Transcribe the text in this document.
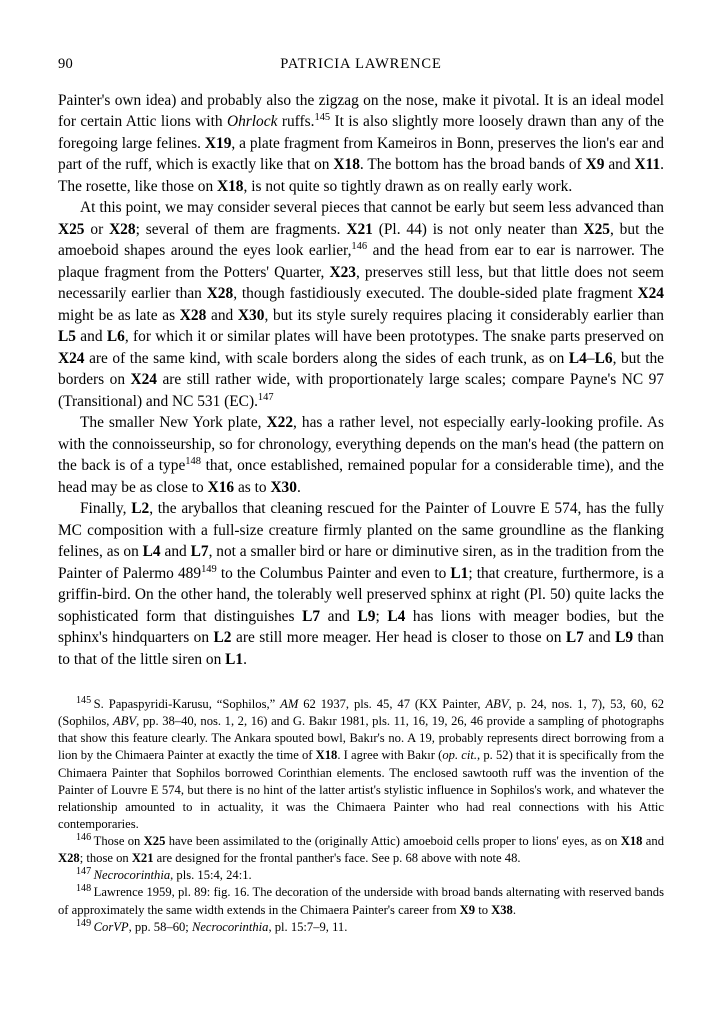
90	PATRICIA LAWRENCE

Painter's own idea) and probably also the zigzag on the nose, make it pivotal. It is an ideal model for certain Attic lions with Ohrlock ruffs.$^{145}$ It is also slightly more loosely drawn than any of the foregoing large felines. X19, a plate fragment from Kameiros in Bonn, preserves the lion's ear and part of the ruff, which is exactly like that on X18. The bottom has the broad bands of X9 and X11. The rosette, like those on X18, is not quite so tightly drawn as on really early work.

At this point, we may consider several pieces that cannot be early but seem less advanced than X25 or X28; several of them are fragments. X21 (Pl. 44) is not only neater than X25, but the amoeboid shapes around the eyes look earlier,$^{146}$ and the head from ear to ear is narrower. The plaque fragment from the Potters' Quarter, X23, preserves still less, but that little does not seem necessarily earlier than X28, though fastidiously executed. The double-sided plate fragment X24 might be as late as X28 and X30, but its style surely requires placing it considerably earlier than L5 and L6, for which it or similar plates will have been prototypes. The snake parts preserved on X24 are of the same kind, with scale borders along the sides of each trunk, as on L4–L6, but the borders on X24 are still rather wide, with proportionately large scales; compare Payne's NC 97 (Transitional) and NC 531 (EC).$^{147}$

The smaller New York plate, X22, has a rather level, not especially early-looking profile. As with the connoisseurship, so for chronology, everything depends on the man's head (the pattern on the back is of a type$^{148}$ that, once established, remained popular for a considerable time), and the head may be as close to X16 as to X30.

Finally, L2, the aryballos that cleaning rescued for the Painter of Louvre E 574, has the fully MC composition with a full-size creature firmly planted on the same groundline as the flanking felines, as on L4 and L7, not a smaller bird or hare or diminutive siren, as in the tradition from the Painter of Palermo $489^{149}$ to the Columbus Painter and even to L1; that creature, furthermore, is a griffin-bird. On the other hand, the tolerably well preserved sphinx at right (Pl. 50) quite lacks the sophisticated form that distinguishes L7 and L9; L4 has lions with meager bodies, but the sphinx's hindquarters on L2 are still more meager. Her head is closer to those on L7 and L9 than to that of the little siren on L1.

$^{145}$ S. Papaspyridi-Karusu, “Sophilos,” AM 62 1937, pls. 45, 47 (KX Painter, ABV, p. 24, nos. 1, 7), 53, 60, 62 (Sophilos, ABV, pp. 38–40, nos. 1, 2, 16) and G. Bakır 1981, pls. 11, 16, 19, 26, 46 provide a sampling of photographs that show this feature clearly. The Ankara spouted bowl, Bakır's no. A 19, probably represents direct borrowing from a lion by the Chimaera Painter at exactly the time of X18. I agree with Bakır (op. cit., p. 52) that it is specifically from the Chimaera Painter that Sophilos borrowed Corinthian elements. The enclosed sawtooth ruff was the invention of the Painter of Louvre E 574, but there is no hint of the latter artist's stylistic influence in Sophilos's work, and whatever the relationship amounted to in actuality, it was the Chimaera Painter who had real connections with his Attic contemporaries.

$^{146}$ Those on X25 have been assimilated to the (originally Attic) amoeboid cells proper to lions' eyes, as on X18 and X28; those on X21 are designed for the frontal panther's face. See p. 68 above with note 48.

$^{147}$ Necrocorinthia, pls. 15:4, 24:1.

$^{148}$ Lawrence 1959, pl. 89: fig. 16. The decoration of the underside with broad bands alternating with reserved bands of approximately the same width extends in the Chimaera Painter's career from X9 to X38.

$^{149}$ CorVP, pp. 58–60; Necrocorinthia, pl. 15:7–9, 11.
